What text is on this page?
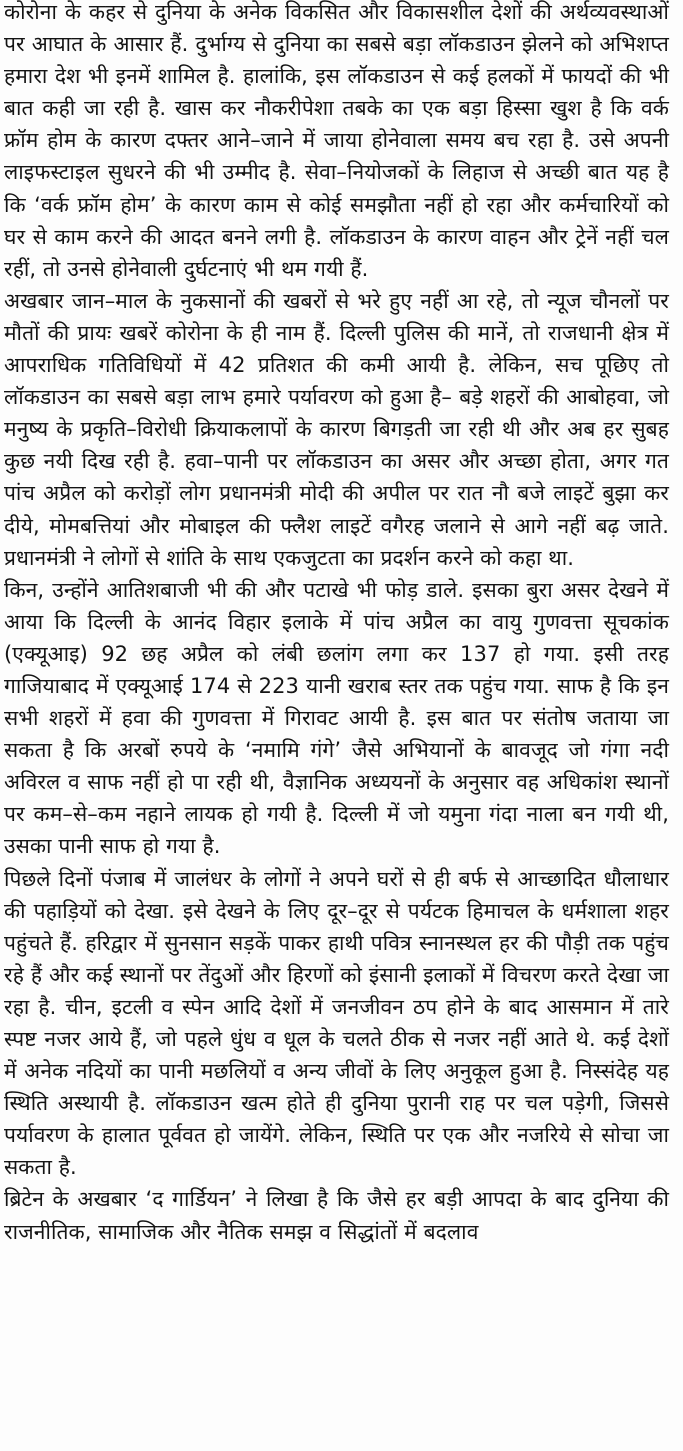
कोरोना के कहर से दुनिया के अनेक विकसित और विकासशील देशों की अर्थव्यवस्थाओं पर आघात के आसार हैं. दुर्भाग्य से दुनिया का सबसे बड़ा लॉकडाउन झेलने को अभिशप्त हमारा देश भी इनमें शामिल है. हालांकि, इस लॉकडाउन से कई हलकों में फायदों की भी बात कही जा रही है. खास कर नौकरीपेशा तबके का एक बड़ा हिस्सा खुश है कि वर्क फ्रॉम होम के कारण दफ्तर आने–जाने में जाया होनेवाला समय बच रहा है. उसे अपनी लाइफस्टाइल सुधरने की भी उम्मीद है. सेवा–नियोजकों के लिहाज से अच्छी बात यह है कि ‘वर्क फ्रॉम होम’ के कारण काम से कोई समझौता नहीं हो रहा और कर्मचारियों को घर से काम करने की आदत बनने लगी है. लॉकडाउन के कारण वाहन और ट्रेनें नहीं चल रहीं, तो उनसे होनेवाली दुर्घटनाएं भी थम गयी हैं.

अखबार जान–माल के नुकसानों की खबरों से भरे हुए नहीं आ रहे, तो न्यूज चौनलों पर मौतों की प्रायः खबरें कोरोना के ही नाम हैं. दिल्ली पुलिस की मानें, तो राजधानी क्षेत्र में आपराधिक गतिविधियों में 42 प्रतिशत की कमी आयी है. लेकिन, सच पूछिए तो लॉकडाउन का सबसे बड़ा लाभ हमारे पर्यावरण को हुआ है– बड़े शहरों की आबोहवा, जो मनुष्य के प्रकृति–विरोधी क्रियाकलापों के कारण बिगड़ती जा रही थी और अब हर सुबह कुछ नयी दिख रही है. हवा–पानी पर लॉकडाउन का असर और अच्छा होता, अगर गत पांच अप्रैल को करोड़ों लोग प्रधानमंत्री मोदी की अपील पर रात नौ बजे लाइटें बुझा कर दीये, मोमबत्तियां और मोबाइल की फ्लैश लाइटें वगैरह जलाने से आगे नहीं बढ़ जाते. प्रधानमंत्री ने लोगों से शांति के साथ एकजुटता का प्रदर्शन करने को कहा था.

किन, उन्होंने आतिशबाजी भी की और पटाखे भी फोड़ डाले. इसका बुरा असर देखने में आया कि दिल्ली के आनंद विहार इलाके में पांच अप्रैल का वायु गुणवत्ता सूचकांक (एक्यूआइ) 92 छह अप्रैल को लंबी छलांग लगा कर 137 हो गया. इसी तरह गाजियाबाद में एक्यूआई 174 से 223 यानी खराब स्तर तक पहुंच गया. साफ है कि इन सभी शहरों में हवा की गुणवत्ता में गिरावट आयी है. इस बात पर संतोष जताया जा सकता है कि अरबों रुपये के ‘नमामि गंगे’ जैसे अभियानों के बावजूद जो गंगा नदी अविरल व साफ नहीं हो पा रही थी, वैज्ञानिक अध्ययनों के अनुसार वह अधिकांश स्थानों पर कम–से–कम नहाने लायक हो गयी है. दिल्ली में जो यमुना गंदा नाला बन गयी थी, उसका पानी साफ हो गया है.

पिछले दिनों पंजाब में जालंधर के लोगों ने अपने घरों से ही बर्फ से आच्छादित धौलाधार की पहाड़ियों को देखा. इसे देखने के लिए दूर–दूर से पर्यटक हिमाचल के धर्मशाला शहर पहुंचते हैं. हरिद्वार में सुनसान सड़कें पाकर हाथी पवित्र स्नानस्थल हर की पौड़ी तक पहुंच रहे हैं और कई स्थानों पर तेंदुओं और हिरणों को इंसानी इलाकों में विचरण करते देखा जा रहा है. चीन, इटली व स्पेन आदि देशों में जनजीवन ठप होने के बाद आसमान में तारे स्पष्ट नजर आये हैं, जो पहले धुंध व धूल के चलते ठीक से नजर नहीं आते थे. कई देशों में अनेक नदियों का पानी मछलियों व अन्य जीवों के लिए अनुकूल हुआ है. निस्संदेह यह स्थिति अस्थायी है. लॉकडाउन खत्म होते ही दुनिया पुरानी राह पर चल पड़ेगी, जिससे पर्यावरण के हालात पूर्ववत हो जायेंगे. लेकिन, स्थिति पर एक और नजरिये से सोचा जा सकता है.

ब्रिटेन के अखबार ‘द गार्डियन’ ने लिखा है कि जैसे हर बड़ी आपदा के बाद दुनिया की राजनीतिक, सामाजिक और नैतिक समझ व सिद्धांतों में बदलाव
